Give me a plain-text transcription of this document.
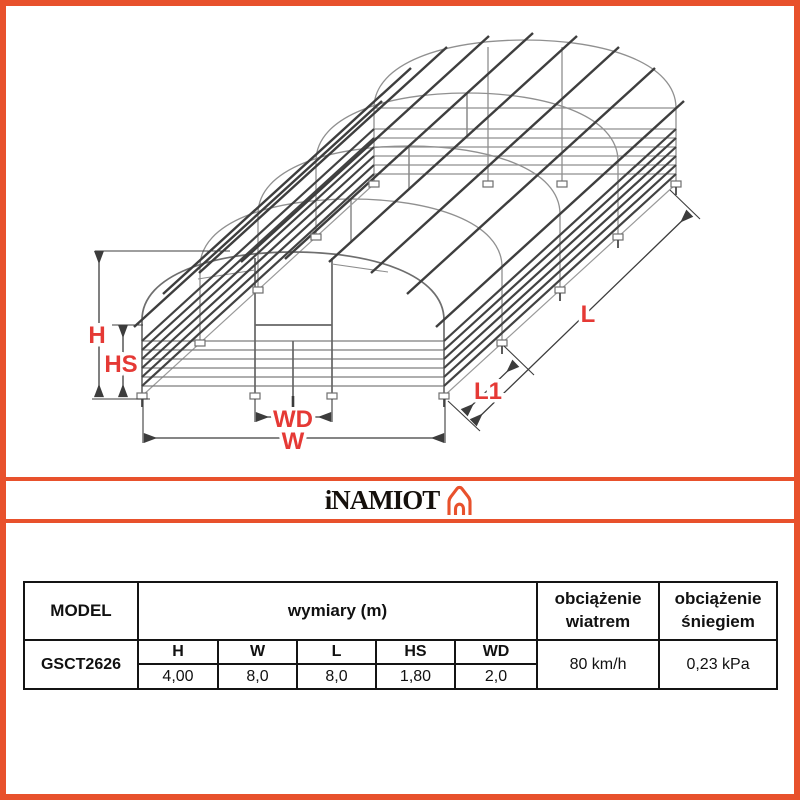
H
HS
W
WD
L
L1
iNAMIOT
MODEL	wymiary (m)					obciążenie wiatrem	obciążenie śniegiem
GSCT2626	H	W	L	HS	WD	80 km/h	0,23 kPa
	4,00	8,0	8,0	1,80	2,0		
